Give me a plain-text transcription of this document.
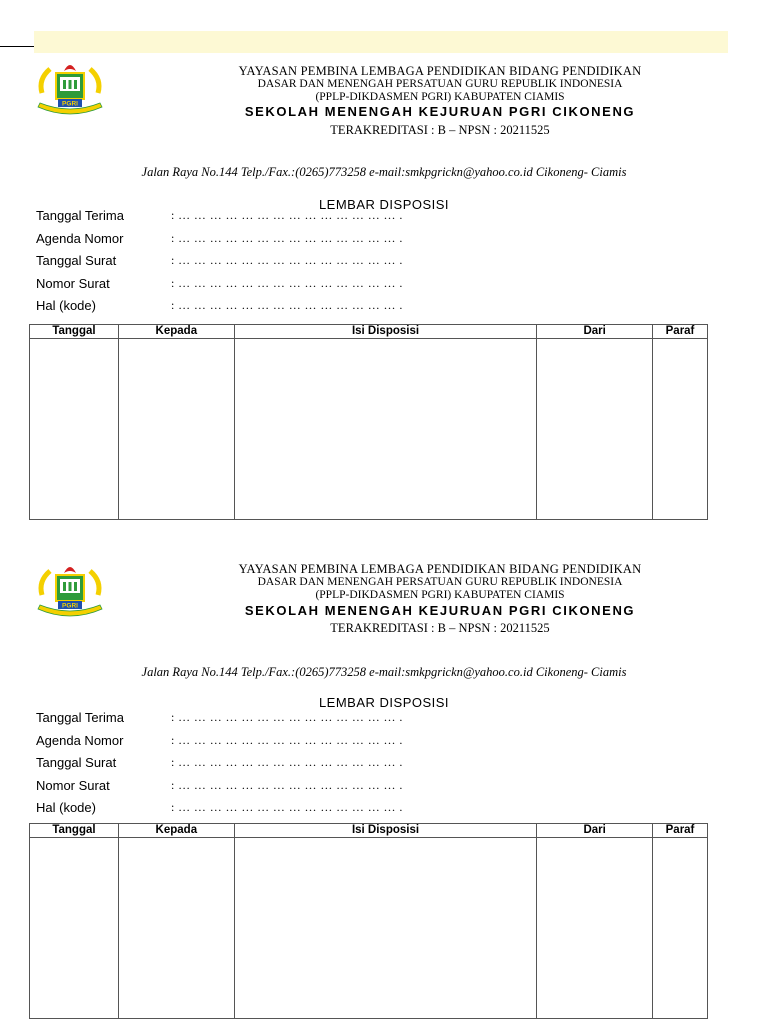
PGRI
YAYASAN PEMBINA LEMBAGA PENDIDIKAN BIDANG PENDIDIKAN
DASAR DAN MENENGAH PERSATUAN GURU REPUBLIK INDONESIA
(PPLP-DIKDASMEN PGRI) KABUPATEN CIAMIS
SEKOLAH MENENGAH KEJURUAN PGRI CIKONENG
TERAKREDITASI : B – NPSN : 20211525
Jalan Raya No.144 Telp./Fax.:(0265)773258 e-mail:smkpgrickn@yahoo.co.id Cikoneng- Ciamis
LEMBAR DISPOSISI
Tanggal Terima	: … … … … … … … … … … … … … … .
Agenda Nomor	: … … … … … … … … … … … … … … .
Tanggal Surat	: … … … … … … … … … … … … … … .
Nomor Surat	: … … … … … … … … … … … … … … .
Hal (kode)	: … … … … … … … … … … … … … … .
Tanggal	Kepada	Isi Disposisi	Dari	Paraf

PGRI
YAYASAN PEMBINA LEMBAGA PENDIDIKAN BIDANG PENDIDIKAN
DASAR DAN MENENGAH PERSATUAN GURU REPUBLIK INDONESIA
(PPLP-DIKDASMEN PGRI) KABUPATEN CIAMIS
SEKOLAH MENENGAH KEJURUAN PGRI CIKONENG
TERAKREDITASI : B – NPSN : 20211525
Jalan Raya No.144 Telp./Fax.:(0265)773258 e-mail:smkpgrickn@yahoo.co.id Cikoneng- Ciamis
LEMBAR DISPOSISI
Tanggal Terima	: … … … … … … … … … … … … … … .
Agenda Nomor	: … … … … … … … … … … … … … … .
Tanggal Surat	: … … … … … … … … … … … … … … .
Nomor Surat	: … … … … … … … … … … … … … … .
Hal (kode)	: … … … … … … … … … … … … … … .
Tanggal	Kepada	Isi Disposisi	Dari	Paraf
